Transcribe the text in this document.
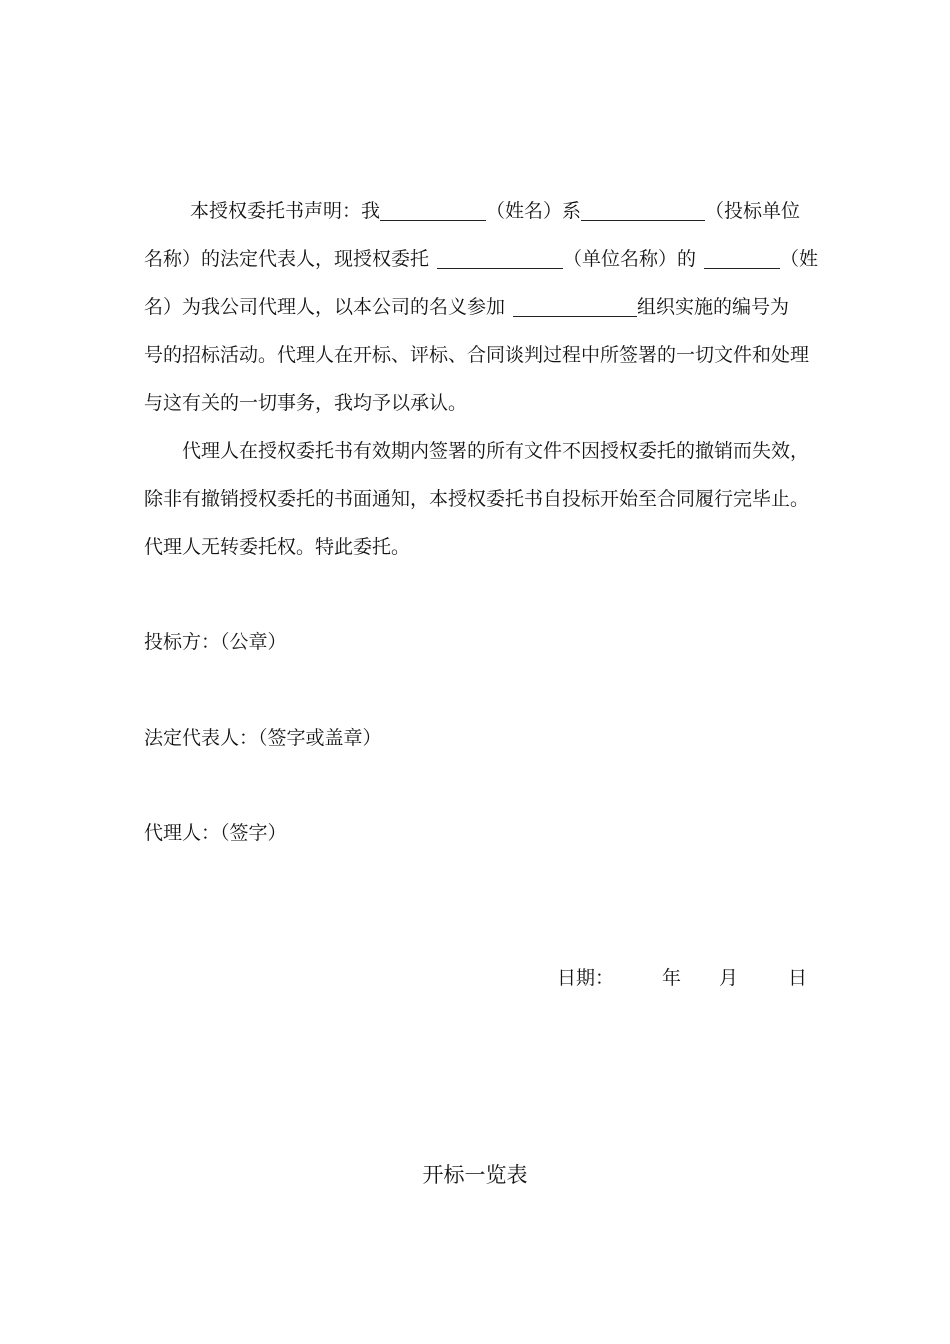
本授权委托书声明：我	（姓名）系	（投标单位
名称）的法定代表人，现授权委托	（单位名称）的	（姓
名）为我公司代理人，以本公司的名义参加	组织实施的编号为
号的招标活动。代理人在开标、评标、合同谈判过程中所签署的一切文件和处理
与这有关的一切事务，我均予以承认。
代理人在授权委托书有效期内签署的所有文件不因授权委托的撤销而失效，
除非有撤销授权委托的书面通知，本授权委托书自投标开始至合同履行完毕止。
代理人无转委托权。特此委托。
投标方：（公章）
法定代表人：（签字或盖章）
代理人：（签字）
日期：	年 月	日
开标一览表
